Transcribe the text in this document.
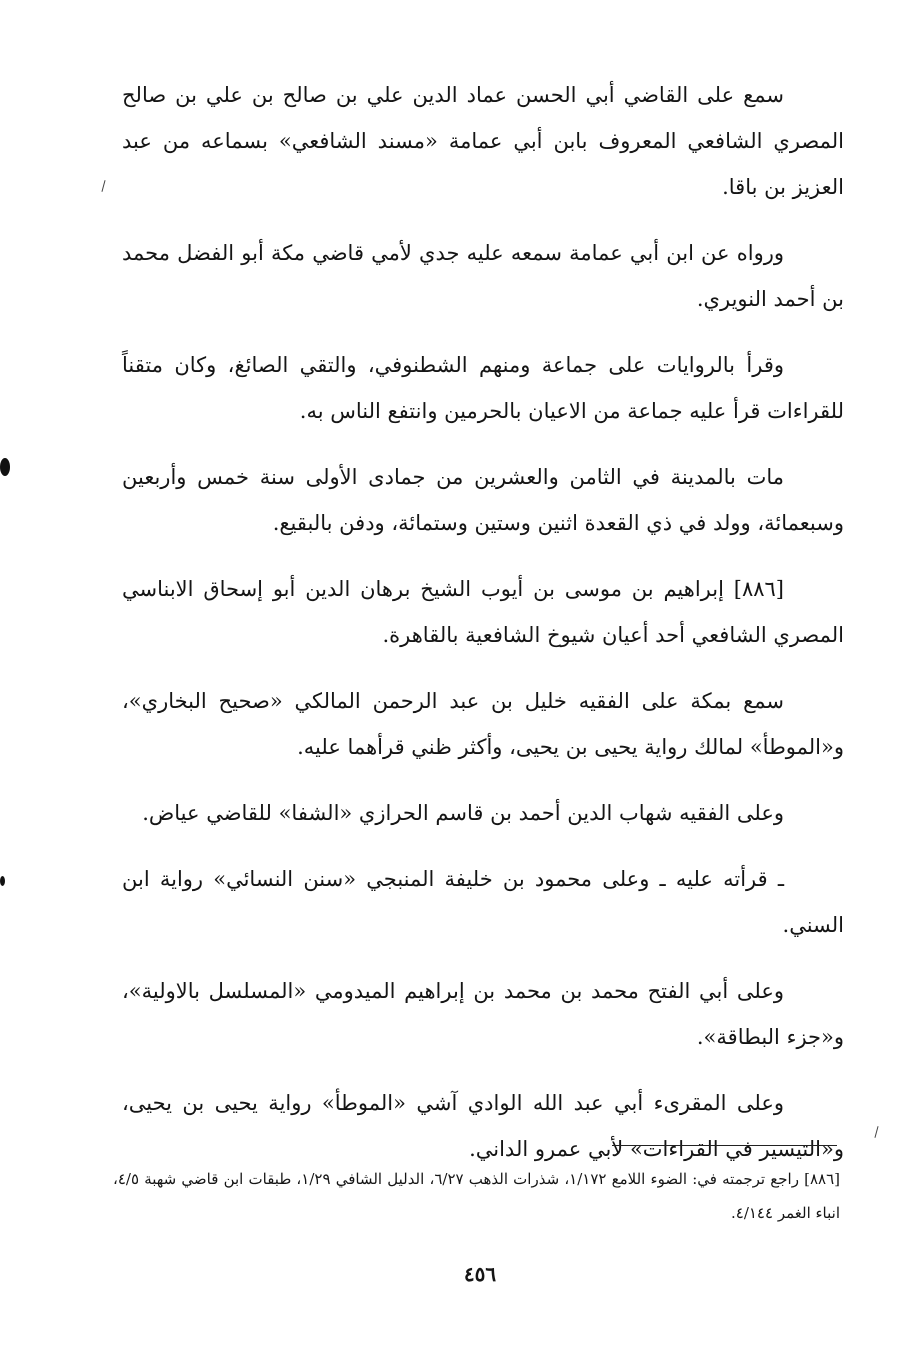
سمع على القاضي أبي الحسن عماد الدين علي بن صالح بن علي بن صالح المصري الشافعي المعروف بابن أبي عمامة «مسند الشافعي» بسماعه من عبد العزيز بن باقا.

ورواه عن ابن أبي عمامة سمعه عليه جدي لأمي قاضي مكة أبو الفضل محمد بن أحمد النويري.

وقرأ بالروايات على جماعة ومنهم الشطنوفي، والتقي الصائغ، وكان متقناً للقراءات قرأ عليه جماعة من الاعيان بالحرمين وانتفع الناس به.

مات بالمدينة في الثامن والعشرين من جمادى الأولى سنة خمس وأربعين وسبعمائة، وولد في ذي القعدة اثنين وستين وستمائة، ودفن بالبقيع.

[٨٨٦] إبراهيم بن موسى بن أيوب الشيخ برهان الدين أبو إسحاق الابناسي المصري الشافعي أحد أعيان شيوخ الشافعية بالقاهرة.

سمع بمكة على الفقيه خليل بن عبد الرحمن المالكي «صحيح البخاري»، و«الموطأ» لمالك رواية يحيى بن يحيى، وأكثر ظني قرأهما عليه.

وعلى الفقيه شهاب الدين أحمد بن قاسم الحرازي «الشفا» للقاضي عياض.

ـ قرأته عليه ـ وعلى محمود بن خليفة المنبجي «سنن النسائي» رواية ابن السني.

وعلى أبي الفتح محمد بن محمد بن إبراهيم الميدومي «المسلسل بالاولية»، و«جزء البطاقة».

وعلى المقرىء أبي عبد الله الوادي آشي «الموطأ» رواية يحيى بن يحيى، و«التيسير في القراءات» لأبي عمرو الداني.

[٨٨٦] راجع ترجمته في: الضوء اللامع ١/١٧٢، شذرات الذهب ٦/٢٧، الدليل الشافي ١/٢٩، طبقات ابن قاضي شهبة ٤/٥، انباء الغمر ٤/١٤٤.

٤٥٦
